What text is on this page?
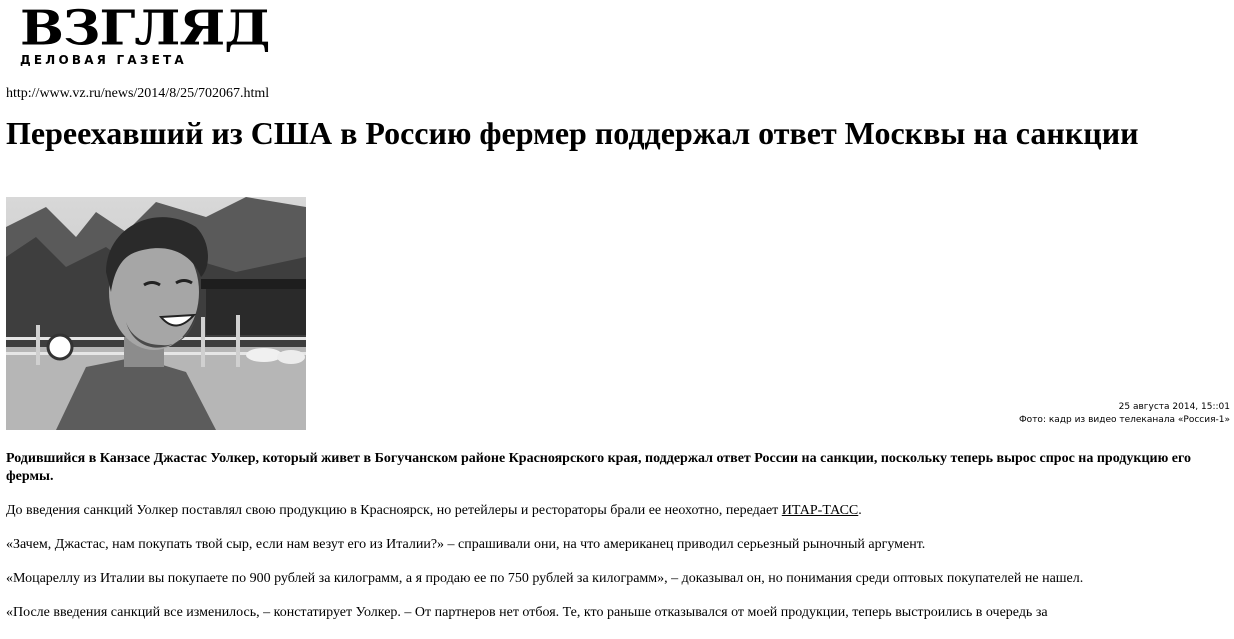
ВЗГЛЯД
ДЕЛОВАЯ ГАЗЕТА
http://www.vz.ru/news/2014/8/25/702067.html
Переехавший из США в Россию фермер поддержал ответ Москвы на санкции
25 августа 2014, 15::01
Фото: кадр из видео телеканала «Россия-1»

Родившийся в Канзасе Джастас Уолкер, который живет в Богучанском районе Красноярского края, поддержал ответ России на санкции, поскольку теперь вырос спрос на продукцию его фермы.

До введения санкций Уолкер поставлял свою продукцию в Красноярск, но ретейлеры и рестораторы брали ее неохотно, передает ИТАР-ТАСС.

«Зачем, Джастас, нам покупать твой сыр, если нам везут его из Италии?» – спрашивали они, на что американец приводил серьезный рыночный аргумент.

«Моцареллу из Италии вы покупаете по 900 рублей за килограмм, а я продаю ее по 750 рублей за килограмм», – доказывал он, но понимания среди оптовых покупателей не нашел.

«После введения санкций все изменилось, – констатирует Уолкер. – От партнеров нет отбоя. Те, кто раньше отказывался от моей продукции, теперь выстроились в очередь за
